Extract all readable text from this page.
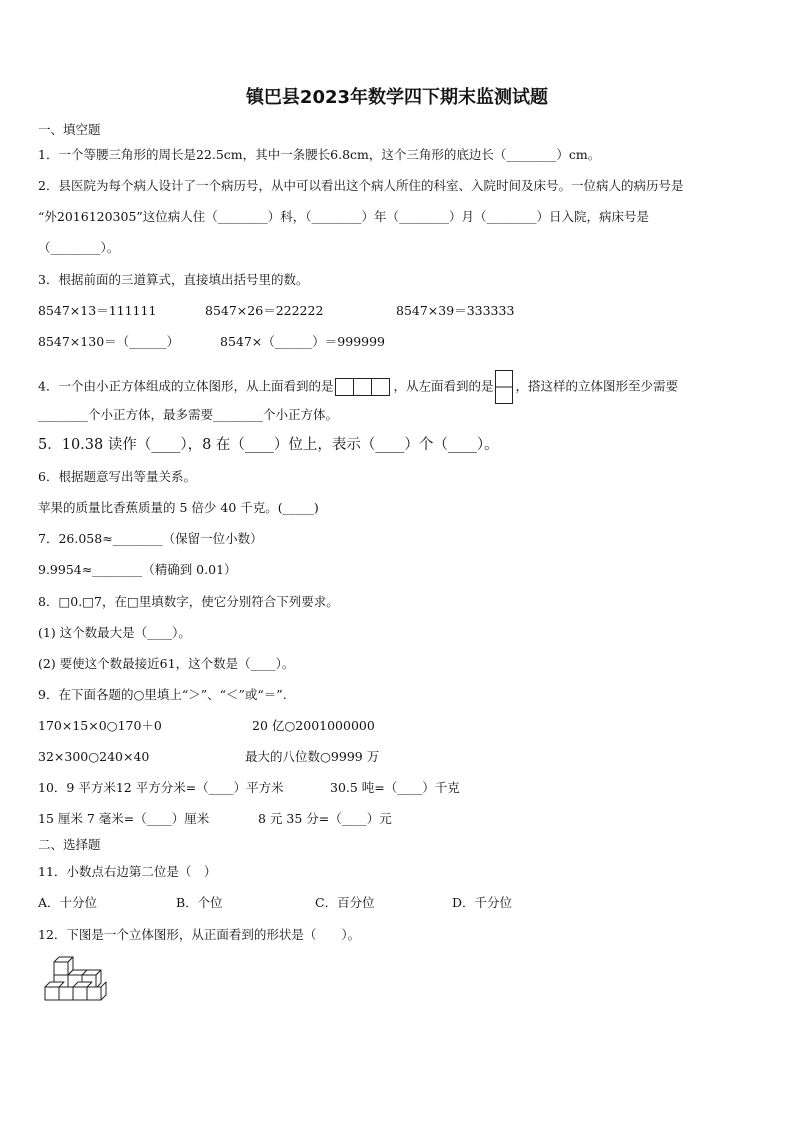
镇巴县2023年数学四下期末监测试题
一、填空题
1．一个等腰三角形的周长是22.5cm，其中一条腰长6.8cm，这个三角形的底边长（________）cm。
2．县医院为每个病人设计了一个病历号，从中可以看出这个病人所住的科室、入院时间及床号。一位病人的病历号是
“外2016120305”这位病人住（________）科，（________）年（________）月（________）日入院，病床号是
（________）。
3．根据前面的三道算式，直接填出括号里的数。
8547×13＝111111	8547×26＝222222	8547×39＝333333
8547×130＝（______）	8547×（______）＝999999
4．一个由小正方体组成的立体图形，从上面看到的是	，从左面看到的是 ，搭这样的立体图形至少需要
________个小正方体，最多需要________个小正方体。
5．10.38 读作（____），8 在（____）位上，表示（____）个（____）。
6．根据题意写出等量关系。
苹果的质量比香蕉质量的 5 倍少 40 千克。(_____)
7．26.058≈________（保留一位小数）
9.9954≈________（精确到 0.01）
8．□0.□7，在□里填数字，使它分别符合下列要求。
(1) 这个数最大是（____）。
(2) 要使这个数最接近61，这个数是（____）。
9．在下面各题的○里填上“＞”、“＜”或“＝”.
170×15×0○170＋0	20 亿○2001000000
32×300○240×40	最大的八位数○9999 万
10．9 平方米12 平方分米=（____）平方米	30.5 吨=（____）千克
15 厘米 7 毫米=（____）厘米	8 元 35 分=（____）元
二、选择题
11．小数点右边第二位是（　）
A．十分位	B．个位	C．百分位	D．千分位
12．下图是一个立体图形，从正面看到的形状是（　　）。
